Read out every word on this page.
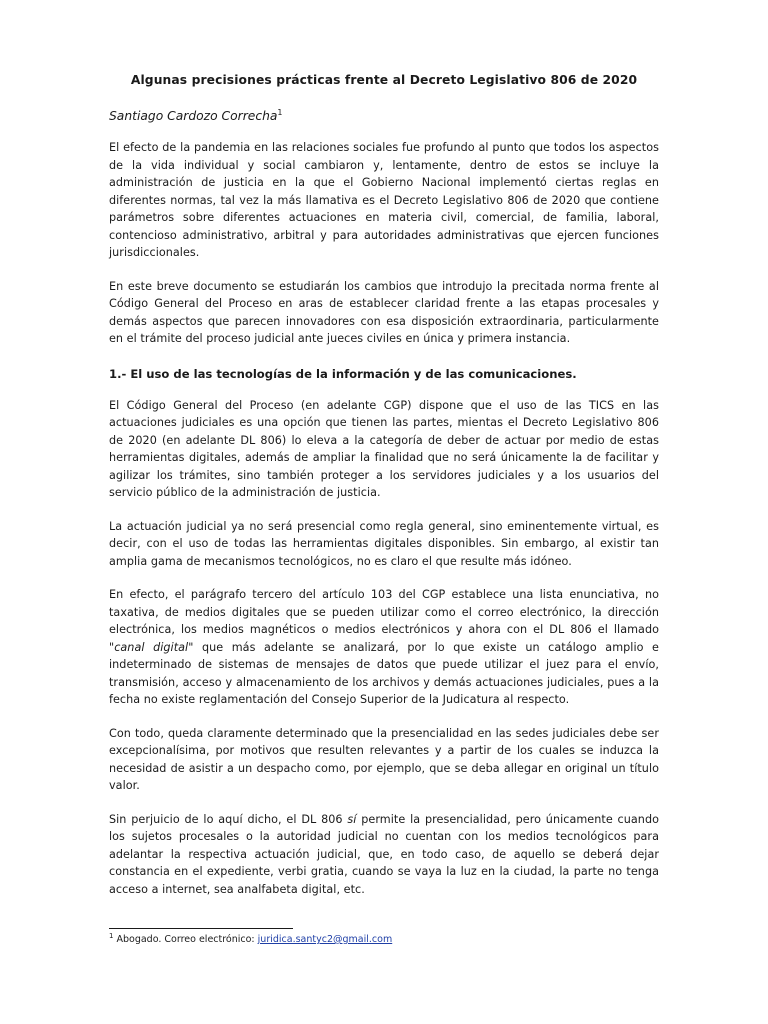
Algunas precisiones prácticas frente al Decreto Legislativo 806 de 2020
Santiago Cardozo Correcha$^1$

El efecto de la pandemia en las relaciones sociales fue profundo al punto que todos los aspectos de la vida individual y social cambiaron y, lentamente, dentro de estos se incluye la administración de justicia en la que el Gobierno Nacional implementó ciertas reglas en diferentes normas, tal vez la más llamativa es el Decreto Legislativo 806 de 2020 que contiene parámetros sobre diferentes actuaciones en materia civil, comercial, de familia, laboral, contencioso administrativo, arbitral y para autoridades administrativas que ejercen funciones jurisdiccionales.

En este breve documento se estudiarán los cambios que introdujo la precitada norma frente al Código General del Proceso en aras de establecer claridad frente a las etapas procesales y demás aspectos que parecen innovadores con esa disposición extraordinaria, particularmente en el trámite del proceso judicial ante jueces civiles en única y primera instancia.

1.- El uso de las tecnologías de la información y de las comunicaciones.

El Código General del Proceso (en adelante CGP) dispone que el uso de las TICS en las actuaciones judiciales es una opción que tienen las partes, mientas el Decreto Legislativo 806 de 2020 (en adelante DL 806) lo eleva a la categoría de deber de actuar por medio de estas herramientas digitales, además de ampliar la finalidad que no será únicamente la de facilitar y agilizar los trámites, sino también proteger a los servidores judiciales y a los usuarios del servicio público de la administración de justicia.

La actuación judicial ya no será presencial como regla general, sino eminentemente virtual, es decir, con el uso de todas las herramientas digitales disponibles. Sin embargo, al existir tan amplia gama de mecanismos tecnológicos, no es claro el que resulte más idóneo.

En efecto, el parágrafo tercero del artículo 103 del CGP establece una lista enunciativa, no taxativa, de medios digitales que se pueden utilizar como el correo electrónico, la dirección electrónica, los medios magnéticos o medios electrónicos y ahora con el DL 806 el llamado "canal digital" que más adelante se analizará, por lo que existe un catálogo amplio e indeterminado de sistemas de mensajes de datos que puede utilizar el juez para el envío, transmisión, acceso y almacenamiento de los archivos y demás actuaciones judiciales, pues a la fecha no existe reglamentación del Consejo Superior de la Judicatura al respecto.

Con todo, queda claramente determinado que la presencialidad en las sedes judiciales debe ser excepcionalísima, por motivos que resulten relevantes y a partir de los cuales se induzca la necesidad de asistir a un despacho como, por ejemplo, que se deba allegar en original un título valor.

Sin perjuicio de lo aquí dicho, el DL 806 sí permite la presencialidad, pero únicamente cuando los sujetos procesales o la autoridad judicial no cuentan con los medios tecnológicos para adelantar la respectiva actuación judicial, que, en todo caso, de aquello se deberá dejar constancia en el expediente, verbi gratia, cuando se vaya la luz en la ciudad, la parte no tenga acceso a internet, sea analfabeta digital, etc.

$^1$ Abogado. Correo electrónico: juridica.santyc2@gmail.com
